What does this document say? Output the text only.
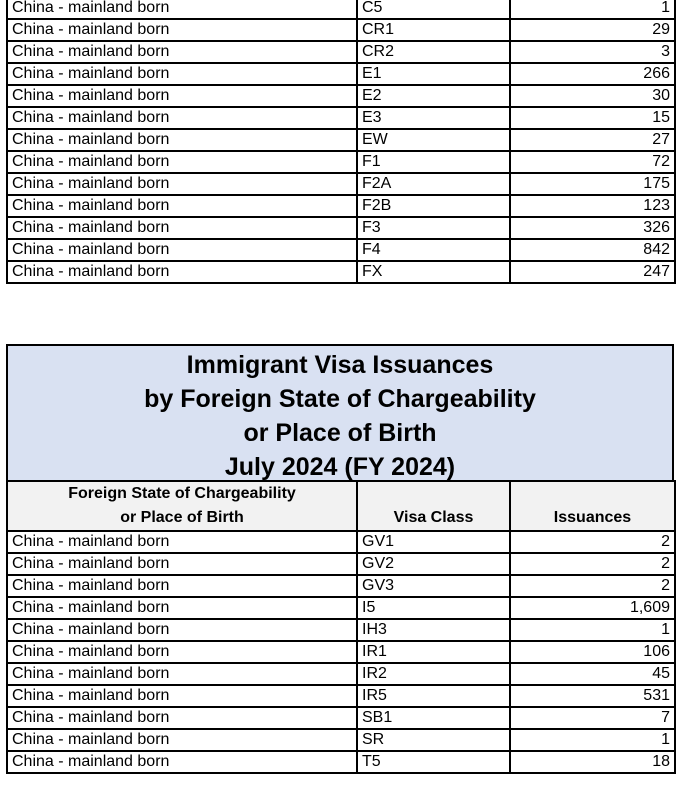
China - mainland born	C5	1
China - mainland born	CR1	29
China - mainland born	CR2	3
China - mainland born	E1	266
China - mainland born	E2	30
China - mainland born	E3	15
China - mainland born	EW	27
China - mainland born	F1	72
China - mainland born	F2A	175
China - mainland born	F2B	123
China - mainland born	F3	326
China - mainland born	F4	842
China - mainland born	FX	247
Immigrant Visa Issuances
by Foreign State of Chargeability
or Place of Birth
July 2024 (FY 2024)
Foreign State of Chargeability
or Place of Birth	Visa Class	Issuances
China - mainland born	GV1	2
China - mainland born	GV2	2
China - mainland born	GV3	2
China - mainland born	I5	1,609
China - mainland born	IH3	1
China - mainland born	IR1	106
China - mainland born	IR2	45
China - mainland born	IR5	531
China - mainland born	SB1	7
China - mainland born	SR	1
China - mainland born	T5	18
